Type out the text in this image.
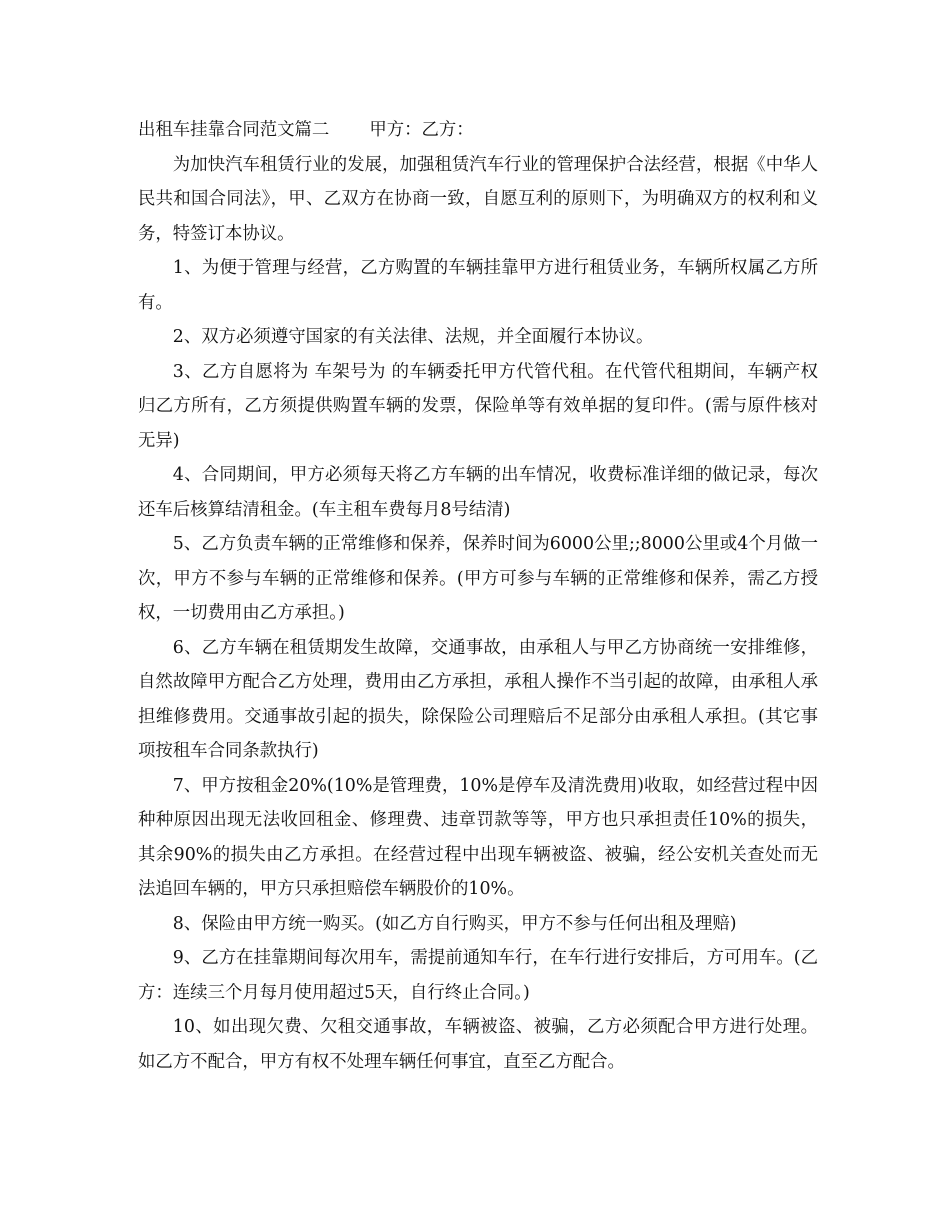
出租车挂靠合同范文篇二 甲方：乙方：

为加快汽车租赁行业的发展，加强租赁汽车行业的管理保护合法经营，根据《中华人民共和国合同法》，甲、乙双方在协商一致，自愿互利的原则下，为明确双方的权利和义务，特签订本协议。

1、为便于管理与经营，乙方购置的车辆挂靠甲方进行租赁业务，车辆所权属乙方所有。

2、双方必须遵守国家的有关法律、法规，并全面履行本协议。

3、乙方自愿将为 车架号为 的车辆委托甲方代管代租。在代管代租期间，车辆产权归乙方所有，乙方须提供购置车辆的发票，保险单等有效单据的复印件。(需与原件核对无异)

4、合同期间，甲方必须每天将乙方车辆的出车情况，收费标准详细的做记录，每次还车后核算结清租金。(车主租车费每月8号结清)

5、乙方负责车辆的正常维修和保养，保养时间为6000公里;;8000公里或4个月做一次，甲方不参与车辆的正常维修和保养。(甲方可参与车辆的正常维修和保养，需乙方授权，一切费用由乙方承担。)

6、乙方车辆在租赁期发生故障，交通事故，由承租人与甲乙方协商统一安排维修，自然故障甲方配合乙方处理，费用由乙方承担，承租人操作不当引起的故障，由承租人承担维修费用。交通事故引起的损失，除保险公司理赔后不足部分由承租人承担。(其它事项按租车合同条款执行)

7、甲方按租金20%(10%是管理费，10%是停车及清洗费用)收取，如经营过程中因种种原因出现无法收回租金、修理费、违章罚款等等，甲方也只承担责任10%的损失，其余90%的损失由乙方承担。在经营过程中出现车辆被盗、被骗，经公安机关查处而无法追回车辆的，甲方只承担赔偿车辆股价的10%。

8、保险由甲方统一购买。(如乙方自行购买，甲方不参与任何出租及理赔)

9、乙方在挂靠期间每次用车，需提前通知车行，在车行进行安排后，方可用车。(乙方：连续三个月每月使用超过5天，自行终止合同。)

10、如出现欠费、欠租交通事故，车辆被盗、被骗，乙方必须配合甲方进行处理。如乙方不配合，甲方有权不处理车辆任何事宜，直至乙方配合。
